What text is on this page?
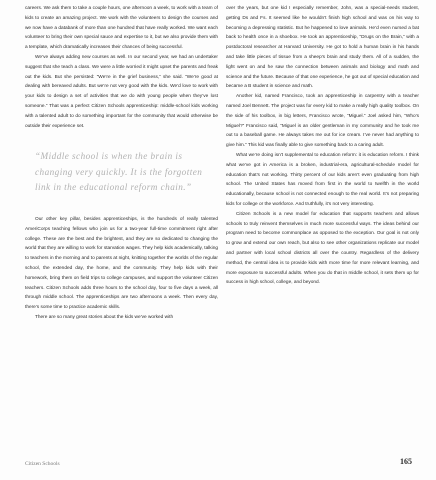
careers. We ask them to take a couple hours, one afternoon a week, to work with a team of kids to create an amazing project. We work with the volunteers to design the courses and we now have a databank of more than one hundred that have really worked. We want each volunteer to bring their own special sauce and expertise to it, but we also provide them with a template, which dramatically increases their chances of being successful.

We’ve always adding new courses as well. In our second year, we had an undertaker suggest that she teach a class. We were a little worried it might upset the parents and freak out the kids. But she persisted: “We’re in the grief business,” she said. “We’re good at dealing with bereaved adults. But we’re not very good with the kids. We’d love to work with your kids to design a set of activities that we do with young people when they’ve lost someone.” That was a perfect Citizen Schools apprenticeship: middle-school kids working with a talented adult to do something important for the community that would otherwise be outside their experience set.

“Middle school is when the brain is changing very quickly. It is the forgotten link in the educational reform chain.”

Our other key pillar, besides apprenticeships, is the hundreds of really talented AmeriCorps teaching fellows who join us for a two-year full-time commitment right after college. These are the best and the brightest, and they are so dedicated to changing the world that they are willing to work for starvation wages. They help kids academically, talking to teachers in the morning and to parents at night, knitting together the worlds of the regular school, the extended day, the home, and the community. They help kids with their homework, bring them on field trips to college campuses, and support the volunteer Citizen teachers. Citizen Schools adds three hours to the school day, four to five days a week, all through middle school. The apprenticeships are two afternoons a week. Then every day, there’s some time to practice academic skills.

There are so many great stories about the kids we’ve worked with

over the years, but one kid I especially remember, John, was a special-needs student, getting Ds and Fs. It seemed like he wouldn’t finish high school and was on his way to becoming a depressing statistic. But he happened to love animals. He’d even nursed a bat back to health once in a shoebox. He took an apprenticeship, “Drugs on the Brain,” with a postdoctoral researcher at Harvard University. He got to hold a human brain in his hands and take little pieces of tissue from a sheep’s brain and study them. All of a sudden, the light went on and he saw the connection between animals and biology and math and science and the future. Because of that one experience, he got out of special education and became a B student in science and math.

Another kid, named Francisco, took an apprenticeship in carpentry with a teacher named Joel Bennett. The project was for every kid to make a really high quality toolbox. On the side of his toolbox, in big letters, Francisco wrote, “Miguel.” Joel asked him, “Who’s Miguel?” Francisco said, “Miguel is an older gentleman in my community and he took me out to a baseball game. He always takes me out for ice cream. I’ve never had anything to give him.” This kid was finally able to give something back to a caring adult.

What we’re doing isn’t supplemental to education reform: it is education reform. I think what we’ve got in America is a broken, industrial-era, agricultural-schedule model for education that’s not working. Thirty percent of our kids aren’t even graduating from high school. The United States has moved from first in the world to twelfth in the world educationally, because school is not connected enough to the real world. It’s not preparing kids for college or the workforce. And truthfully, it’s not very interesting.

Citizen Schools is a new model for education that supports teachers and allows schools to truly reinvent themselves in much more successful ways. The ideas behind our program need to become commonplace as opposed to the exception. Our goal is not only to grow and extend our own reach, but also to see other organizations replicate our model and partner with local school districts all over the country. Regardless of the delivery method, the central idea is to provide kids with more time for more relevant learning, and more exposure to successful adults. When you do that in middle school, it sets them up for success in high school, college, and beyond.

Citizen Schools	165
